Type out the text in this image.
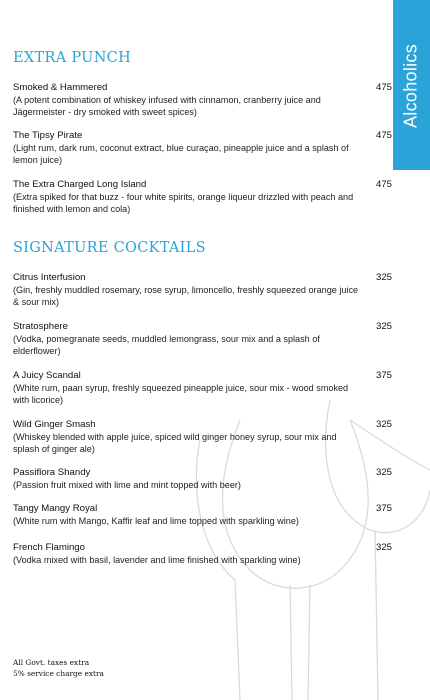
Alcoholics
EXTRA PUNCH
Smoked & Hammered
(A potent combination of whiskey infused with cinnamon, cranberry juice and Jägermeister - dry smoked with sweet spices)
475
The Tipsy Pirate
(Light rum, dark rum, coconut extract, blue curaçao, pineapple juice and a splash of lemon juice)
475
The Extra Charged Long Island
(Extra spiked for that buzz - four white spirits, orange liqueur drizzled with peach and finished with lemon and cola)
475
SIGNATURE COCKTAILS
Citrus Interfusion
(Gin, freshly muddled rosemary, rose syrup, limoncello, freshly squeezed orange juice & sour mix)
325
Stratosphere
(Vodka, pomegranate seeds, muddled lemongrass, sour mix and a splash of elderflower)
325
A Juicy Scandal
(White rum, paan syrup, freshly squeezed pineapple juice, sour mix - wood smoked with licorice)
375
Wild Ginger Smash
(Whiskey blended with apple juice, spiced wild ginger honey syrup, sour mix and splash of ginger ale)
325
Passiflora Shandy
(Passion fruit mixed with lime and mint topped with beer)
325
Tangy Mangy Royal
(White rum with Mango, Kaffir leaf and lime topped with sparkling wine)
375
French Flamingo
(Vodka mixed with basil, lavender and lime finished with sparkling wine)
325
All Govt. taxes extra
5% service charge extra
